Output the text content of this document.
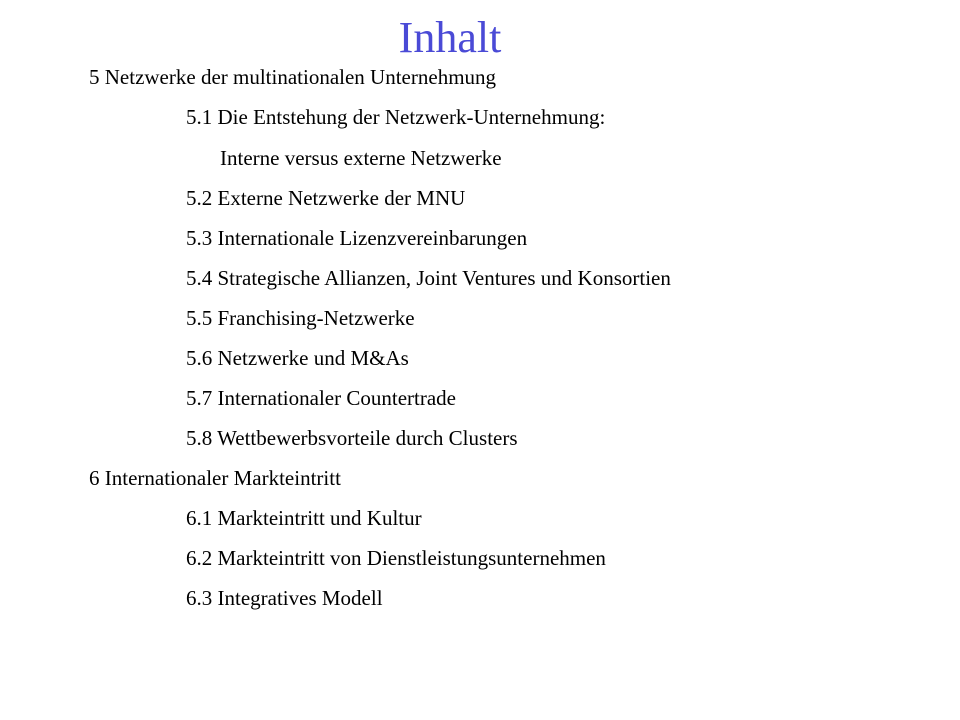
Inhalt
5 Netzwerke der multinationalen Unternehmung
5.1 Die Entstehung der Netzwerk-Unternehmung:
Interne versus externe Netzwerke
5.2 Externe Netzwerke der MNU
5.3 Internationale Lizenzvereinbarungen
5.4 Strategische Allianzen, Joint Ventures und Konsortien
5.5 Franchising-Netzwerke
5.6 Netzwerke und M&As
5.7 Internationaler Countertrade
5.8 Wettbewerbsvorteile durch Clusters
6 Internationaler Markteintritt
6.1 Markteintritt und Kultur
6.2 Markteintritt von Dienstleistungsunternehmen
6.3 Integratives Modell
